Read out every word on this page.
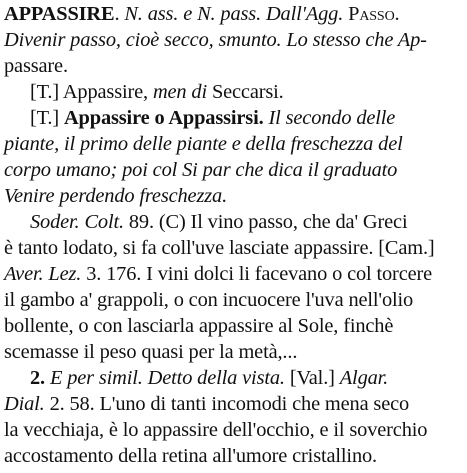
APPASSIRE. N. ass. e N. pass. Dall'Agg. Passo.
Divenir passo, cioè secco, smunto. Lo stesso che Ap-
passare.
[T.] Appassire, men di Seccarsi.
[T.] Appassire o Appassirsi. Il secondo delle
piante, il primo delle piante e della freschezza del
corpo umano; poi col Si par che dica il graduato
Venire perdendo freschezza.
Soder. Colt. 89. (C) Il vino passo, che da' Greci
è tanto lodato, si fa coll'uve lasciate appassire. [Cam.]
Aver. Lez. 3. 176. I vini dolci li facevano o col torcere
il gambo a' grappoli, o con incuocere l'uva nell'olio
bollente, o con lasciarla appassire al Sole, finchè
scemasse il peso quasi per la metà,...
2. E per simil. Detto della vista. [Val.] Algar.
Dial. 2. 58. L'uno di tanti incomodi che mena seco
la vecchiaja, è lo appassire dell'occhio, e il soverchio
accostamento della retina all'umore cristallino.
